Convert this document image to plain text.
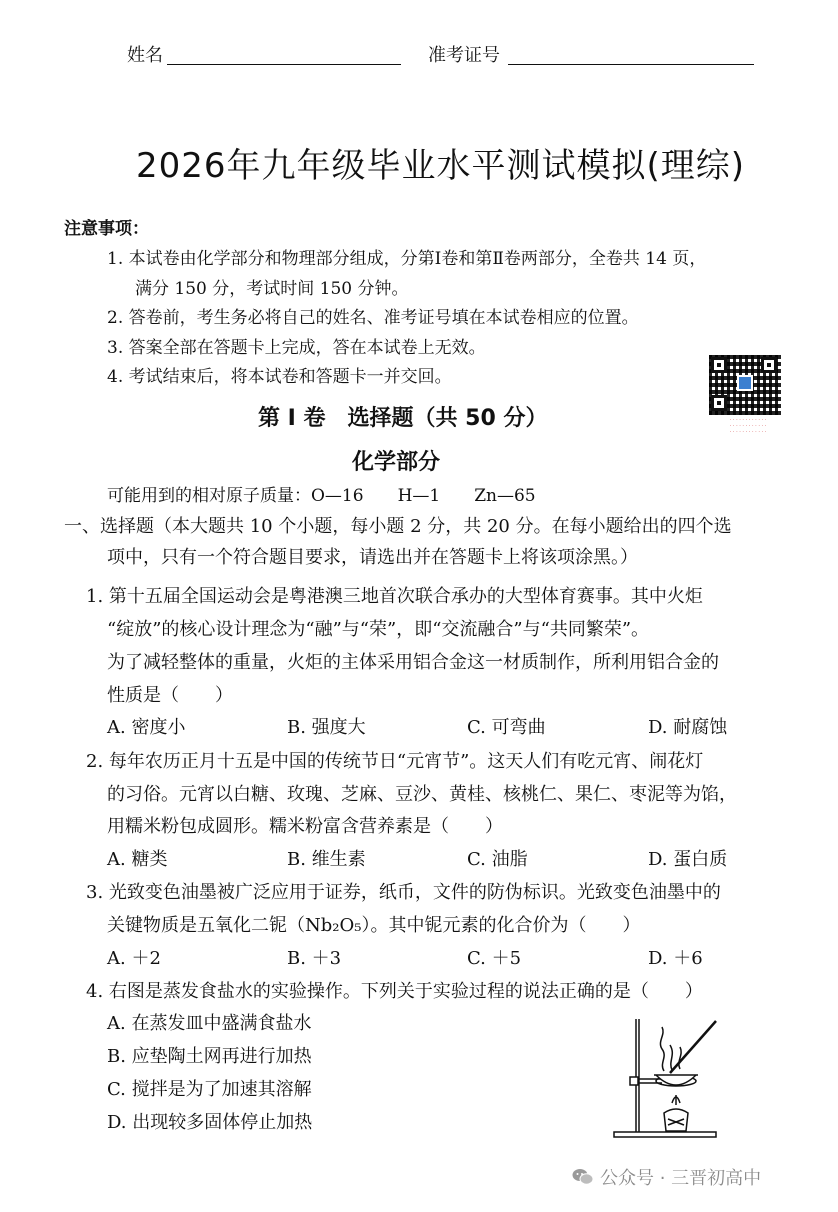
姓名	准考证号
2026年九年级毕业水平测试模拟(理综)
注意事项：
1. 本试卷由化学部分和物理部分组成，分第Ⅰ卷和第Ⅱ卷两部分，全卷共 14 页，
满分 150 分，考试时间 150 分钟。
2. 答卷前，考生务必将自己的姓名、准考证号填在本试卷相应的位置。
3. 答案全部在答题卡上完成，答在本试卷上无效。
4. 考试结束后，将本试卷和答题卡一并交回。
· · · · · · · · · · · ·
· · · · · · · · · · · ·
· · · · · · · · · · · ·
第 I 卷　选择题（共 50 分）
化学部分
可能用到的相对原子质量：O—16　　H—1　　Zn—65
一、选择题（本大题共 10 个小题，每小题 2 分，共 20 分。在每小题给出的四个选
项中，只有一个符合题目要求，请选出并在答题卡上将该项涂黑。）
1. 第十五届全国运动会是粤港澳三地首次联合承办的大型体育赛事。其中火炬
“绽放”的核心设计理念为“融”与“荣”，即“交流融合”与“共同繁荣”。
为了减轻整体的重量，火炬的主体采用铝合金这一材质制作，所利用铝合金的
性质是（　　）
A. 密度小	B. 强度大	C. 可弯曲	D. 耐腐蚀
2. 每年农历正月十五是中国的传统节日“元宵节”。这天人们有吃元宵、闹花灯
的习俗。元宵以白糖、玫瑰、芝麻、豆沙、黄桂、核桃仁、果仁、枣泥等为馅，
用糯米粉包成圆形。糯米粉富含营养素是（　　）
A. 糖类	B. 维生素	C. 油脂	D. 蛋白质
3. 光致变色油墨被广泛应用于证券，纸币，文件的防伪标识。光致变色油墨中的
关键物质是五氧化二铌（Nb₂O₅）。其中铌元素的化合价为（　　）
A. ＋2	B. ＋3	C. ＋5	D. ＋6
4. 右图是蒸发食盐水的实验操作。下列关于实验过程的说法正确的是（　　）
A. 在蒸发皿中盛满食盐水
B. 应垫陶土网再进行加热
C. 搅拌是为了加速其溶解
D. 出现较多固体停止加热
公众号 · 三晋初高中
